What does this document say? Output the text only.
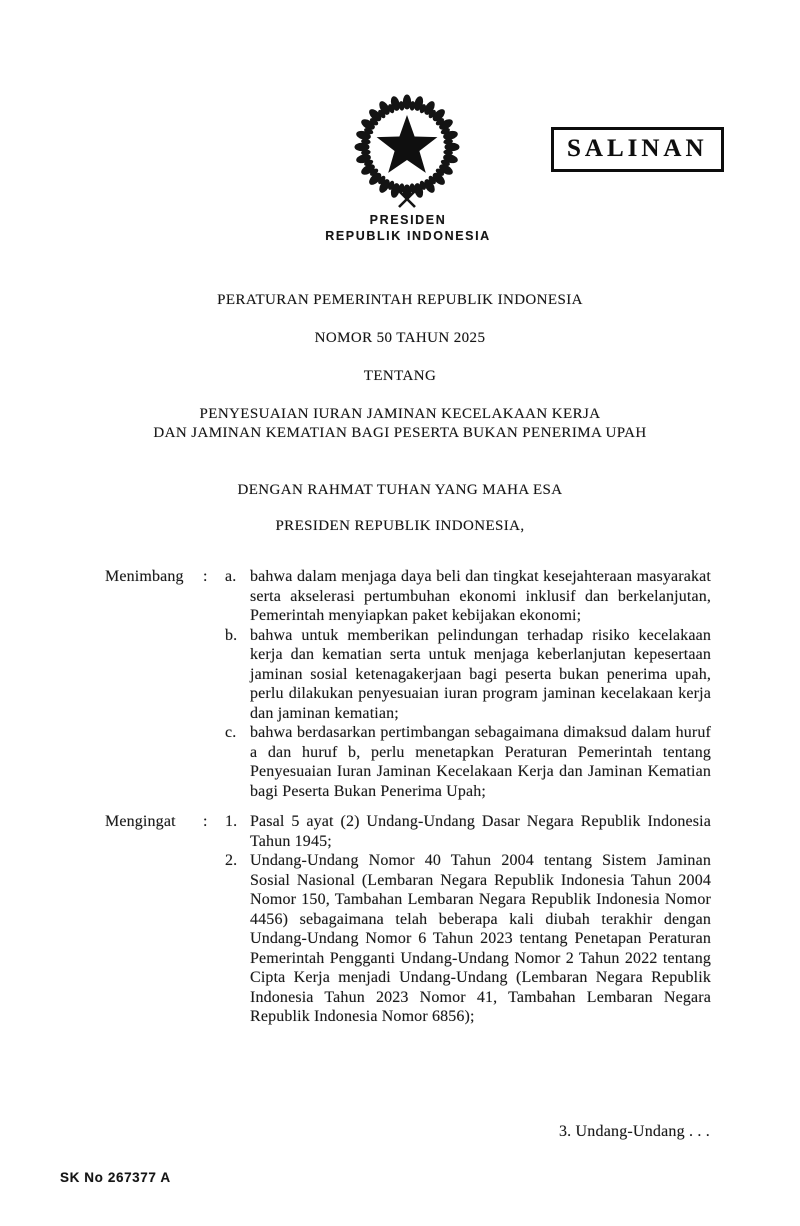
SALINAN
PRESIDEN
REPUBLIK INDONESIA
PERATURAN PEMERINTAH REPUBLIK INDONESIA
NOMOR 50 TAHUN 2025
TENTANG
PENYESUAIAN IURAN JAMINAN KECELAKAAN KERJA
DAN JAMINAN KEMATIAN BAGI PESERTA BUKAN PENERIMA UPAH
DENGAN RAHMAT TUHAN YANG MAHA ESA
PRESIDEN REPUBLIK INDONESIA,
Menimbang	:	a. bahwa dalam menjaga daya beli dan tingkat kesejahteraan masyarakat serta akselerasi pertumbuhan ekonomi inklusif dan berkelanjutan, Pemerintah menyiapkan paket kebijakan ekonomi;
b. bahwa untuk memberikan pelindungan terhadap risiko kecelakaan kerja dan kematian serta untuk menjaga keberlanjutan kepesertaan jaminan sosial ketenagakerjaan bagi peserta bukan penerima upah, perlu dilakukan penyesuaian iuran program jaminan kecelakaan kerja dan jaminan kematian;
c. bahwa berdasarkan pertimbangan sebagaimana dimaksud dalam huruf a dan huruf b, perlu menetapkan Peraturan Pemerintah tentang Penyesuaian Iuran Jaminan Kecelakaan Kerja dan Jaminan Kematian bagi Peserta Bukan Penerima Upah;
Mengingat	:	1. Pasal 5 ayat (2) Undang-Undang Dasar Negara Republik Indonesia Tahun 1945;
2. Undang-Undang Nomor 40 Tahun 2004 tentang Sistem Jaminan Sosial Nasional (Lembaran Negara Republik Indonesia Tahun 2004 Nomor 150, Tambahan Lembaran Negara Republik Indonesia Nomor 4456) sebagaimana telah beberapa kali diubah terakhir dengan Undang-Undang Nomor 6 Tahun 2023 tentang Penetapan Peraturan Pemerintah Pengganti Undang-Undang Nomor 2 Tahun 2022 tentang Cipta Kerja menjadi Undang-Undang (Lembaran Negara Republik Indonesia Tahun 2023 Nomor 41, Tambahan Lembaran Negara Republik Indonesia Nomor 6856);
3. Undang-Undang . . .
SK No 267377 A
